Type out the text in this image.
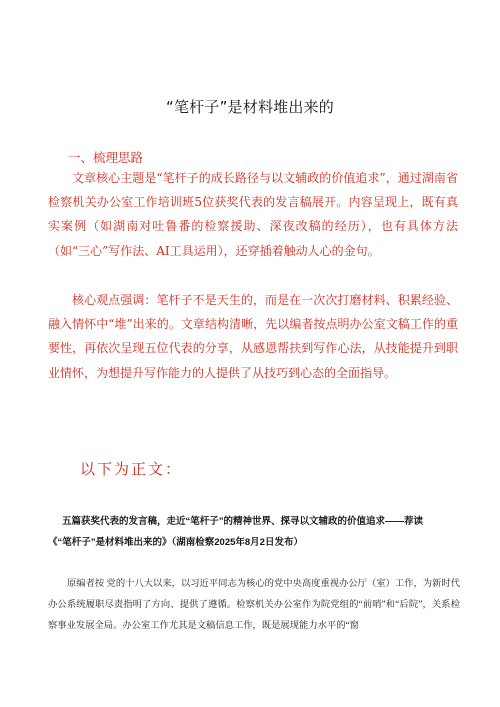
“笔杆子”是材料堆出来的
一、梳理思路

文章核心主题是“笔杆子的成长路径与以文辅政的价值追求”，通过湖南省检察机关办公室工作培训班5位获奖代表的发言稿展开。内容呈现上，既有真实案例（如湖南对吐鲁番的检察援助、深夜改稿的经历），也有具体方法（如“三心”写作法、AI工具运用），还穿插着触动人心的金句。

核心观点强调：笔杆子不是天生的，而是在一次次打磨材料、积累经验、融入情怀中“堆”出来的。文章结构清晰，先以编者按点明办公室文稿工作的重要性，再依次呈现五位代表的分享，从感恩帮扶到写作心法，从技能提升到职业情怀，为想提升写作能力的人提供了从技巧到心态的全面指导。

以下为正文：
五篇获奖代表的发言稿，走近“笔杆子”的精神世界、探寻以文辅政的价值追求——荐读
《“笔杆子”是材料堆出来的》（湖南检察2025年8月2日发布）

原编者按 党的十八大以来，以习近平同志为核心的党中央高度重视办公厅（室）工作，为新时代办公系统履职尽责指明了方向、提供了遵循。检察机关办公室作为院党组的“前哨”和“后院”，关系检察事业发展全局。办公室工作尤其是文稿信息工作，既是展现能力水平的“窗
